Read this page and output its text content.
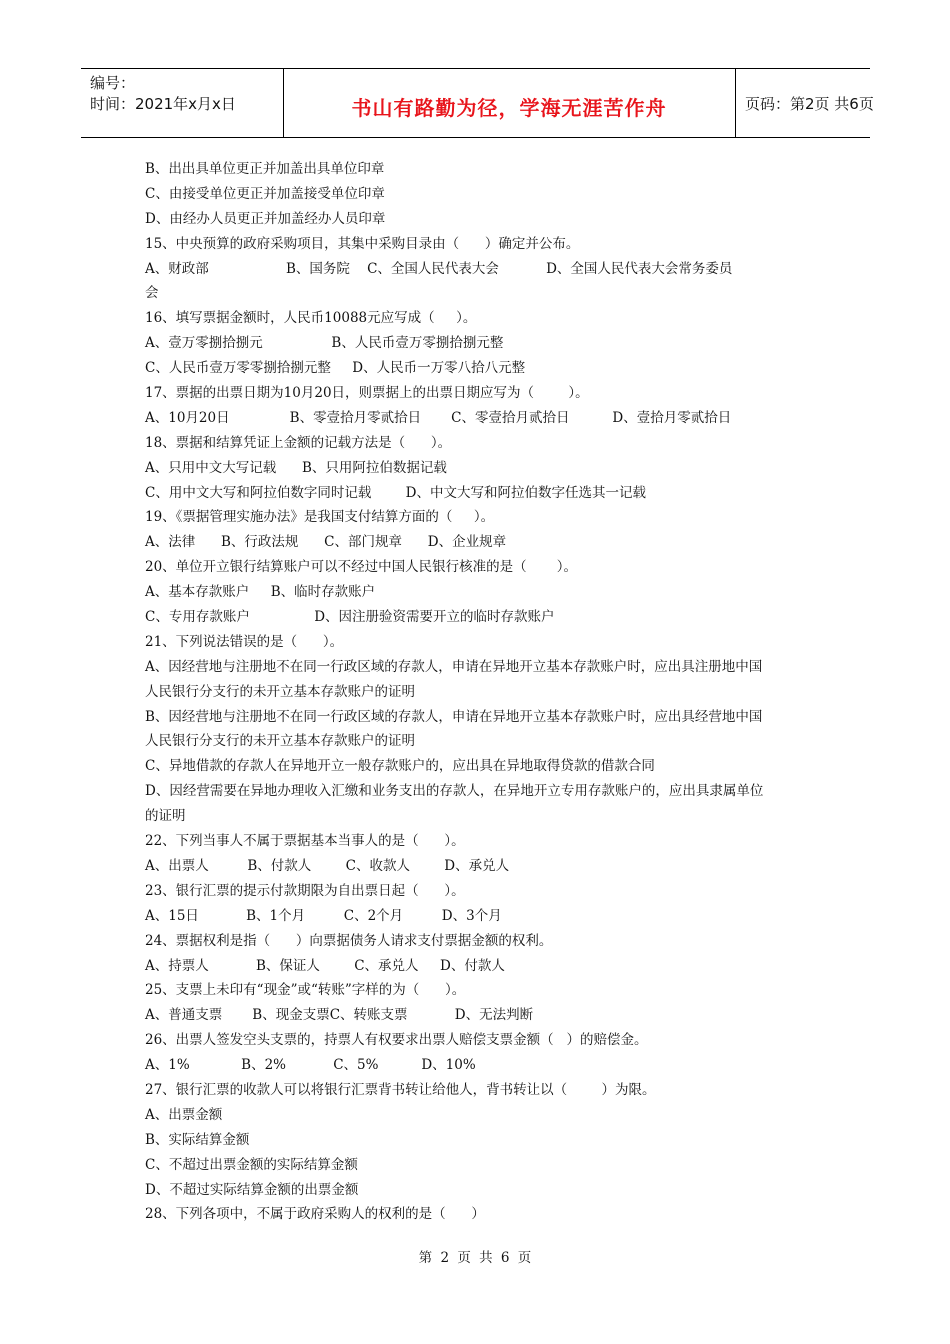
编号：
时间：2021年x月x日	书山有路勤为径，学海无涯苦作舟	页码：第2页 共6页
B、出出具单位更正并加盖出具单位印章
C、由接受单位更正并加盖接受单位印章
D、由经办人员更正并加盖经办人员印章
15、中央预算的政府采购项目，其集中采购目录由（      ）确定并公布。
A、财政部                  B、国务院    C、全国人民代表大会           D、全国人民代表大会常务委员
会
16、填写票据金额时，人民币10088元应写成（     ）。
A、壹万零捌拾捌元                B、人民币壹万零捌拾捌元整
C、人民币壹万零零捌拾捌元整     D、人民币一万零八拾八元整
17、票据的出票日期为10月20日，则票据上的出票日期应写为（        ）。
A、10月20日              B、零壹拾月零贰拾日       C、零壹拾月贰拾日          D、壹拾月零贰拾日
18、票据和结算凭证上金额的记载方法是（      ）。
A、只用中文大写记载      B、只用阿拉伯数据记载
C、用中文大写和阿拉伯数字同时记载        D、中文大写和阿拉伯数字任选其一记载
19、《票据管理实施办法》是我国支付结算方面的（     ）。
A、法律      B、行政法规      C、部门规章      D、企业规章
20、单位开立银行结算账户可以不经过中国人民银行核准的是（       ）。
A、基本存款账户     B、临时存款账户
C、专用存款账户               D、因注册验资需要开立的临时存款账户
21、下列说法错误的是（      ）。
A、因经营地与注册地不在同一行政区域的存款人，申请在异地开立基本存款账户时，应出具注册地中国
人民银行分支行的未开立基本存款账户的证明
B、因经营地与注册地不在同一行政区域的存款人，申请在异地开立基本存款账户时，应出具经营地中国
人民银行分支行的未开立基本存款账户的证明
C、异地借款的存款人在异地开立一般存款账户的，应出具在异地取得贷款的借款合同
D、因经营需要在异地办理收入汇缴和业务支出的存款人，在异地开立专用存款账户的，应出具隶属单位
的证明
22、下列当事人不属于票据基本当事人的是（      ）。
A、出票人         B、付款人        C、收款人        D、承兑人
23、银行汇票的提示付款期限为自出票日起（      ）。
A、15日           B、1个月         C、2个月         D、3个月
24、票据权利是指（      ）向票据债务人请求支付票据金额的权利。
A、持票人           B、保证人        C、承兑人     D、付款人
25、支票上未印有“现金”或“转账”字样的为（      ）。
A、普通支票       B、现金支票C、转账支票           D、无法判断
26、出票人签发空头支票的，持票人有权要求出票人赔偿支票金额（   ）的赔偿金。
A、1%            B、2%           C、5%          D、10%
27、银行汇票的收款人可以将银行汇票背书转让给他人，背书转让以（        ）为限。
A、出票金额
B、实际结算金额
C、不超过出票金额的实际结算金额
D、不超过实际结算金额的出票金额
28、下列各项中，不属于政府采购人的权利的是（      ）
第 2 页 共 6 页
